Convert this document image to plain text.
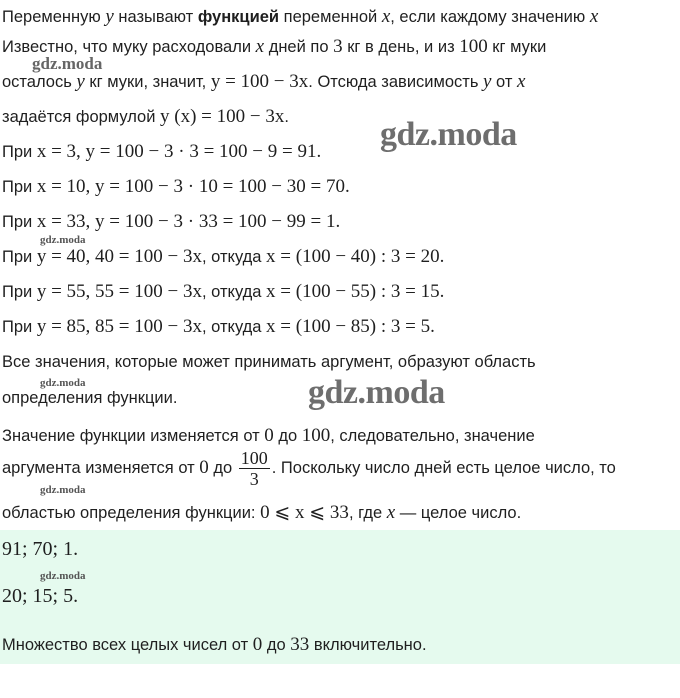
Переменную y называют функцией переменной x, если каждому значению x
Известно, что муку расходовали x дней по 3 кг в день, и из 100 кг муки
осталось y кг муки, значит, y = 100 − 3x. Отсюда зависимость y от x
задаётся формулой y (x) = 100 − 3x.
При x = 3, y = 100 − 3 · 3 = 100 − 9 = 91.
При x = 10, y = 100 − 3 · 10 = 100 − 30 = 70.
При x = 33, y = 100 − 3 · 33 = 100 − 99 = 1.
При y = 40, 40 = 100 − 3x, откуда x = (100 − 40) : 3 = 20.
При y = 55, 55 = 100 − 3x, откуда x = (100 − 55) : 3 = 15.
При y = 85, 85 = 100 − 3x, откуда x = (100 − 85) : 3 = 5.
Все значения, которые может принимать аргумент, образуют область
определения функции.
Значение функции изменяется от 0 до 100, следовательно, значение
аргумента изменяется от 0 до $\frac{100}{3}$ . Поскольку число дней есть целое число, то
областью определения функции: 0 ⩽ x ⩽ 33, где x — целое число.
91; 70; 1.
20; 15; 5.
Множество всех целых чисел от 0 до 33 включительно.
gdz.moda
gdz.moda
gdz.moda
gdz.moda	gdz.moda
gdz.moda
gdz.moda
